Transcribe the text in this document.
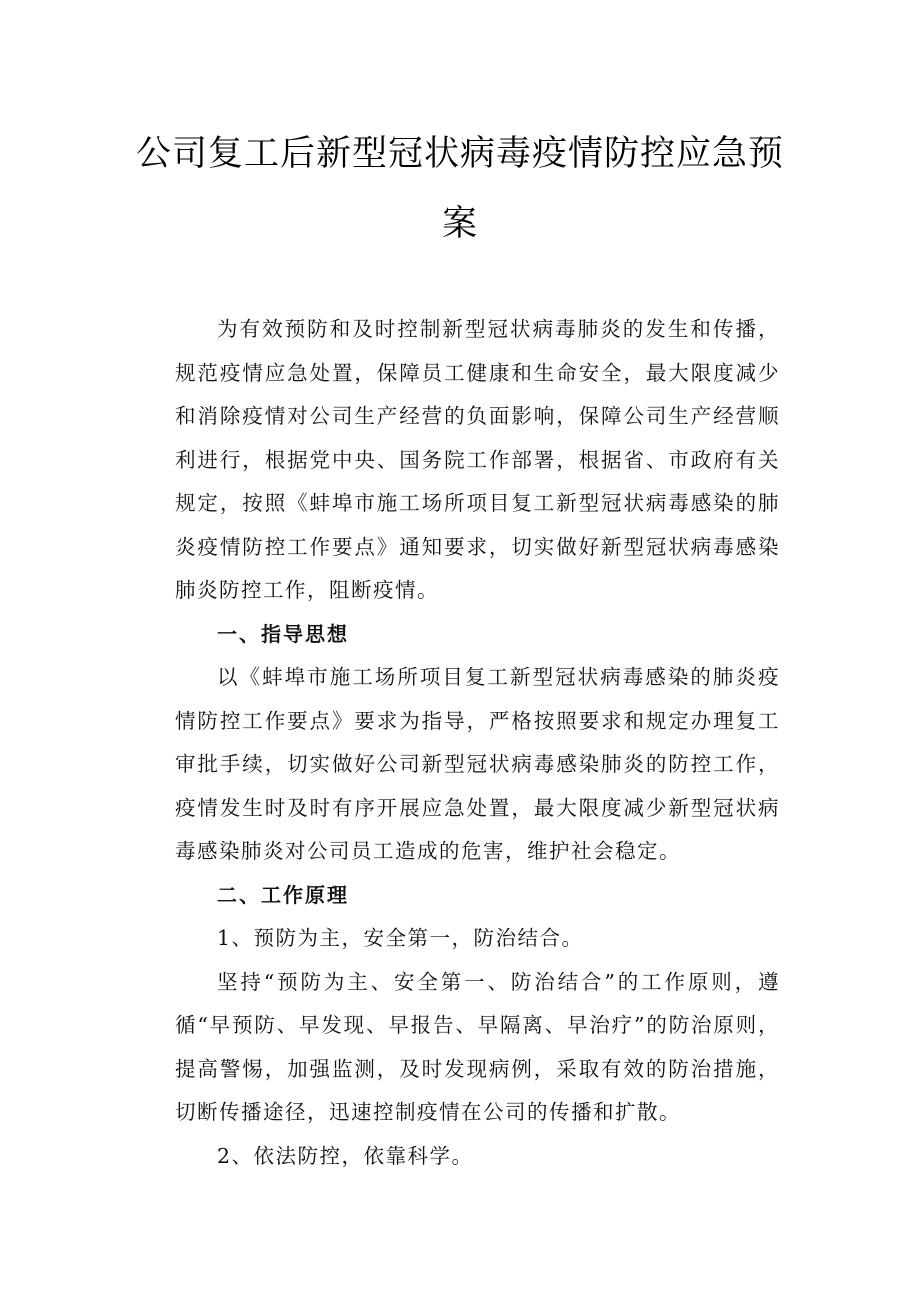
公司复工后新型冠状病毒疫情防控应急预
案

为有效预防和及时控制新型冠状病毒肺炎的发生和传播，规范疫情应急处置，保障员工健康和生命安全，最大限度减少和消除疫情对公司生产经营的负面影响，保障公司生产经营顺利进行，根据党中央、国务院工作部署，根据省、市政府有关规定，按照《蚌埠市施工场所项目复工新型冠状病毒感染的肺炎疫情防控工作要点》通知要求，切实做好新型冠状病毒感染肺炎防控工作，阻断疫情。

一、指导思想

以《蚌埠市施工场所项目复工新型冠状病毒感染的肺炎疫情防控工作要点》要求为指导，严格按照要求和规定办理复工审批手续，切实做好公司新型冠状病毒感染肺炎的防控工作，疫情发生时及时有序开展应急处置，最大限度减少新型冠状病毒感染肺炎对公司员工造成的危害，维护社会稳定。

二、工作原理

1、预防为主，安全第一，防治结合。

坚持“预防为主、安全第一、防治结合”的工作原则，遵循“早预防、早发现、早报告、早隔离、早治疗”的防治原则，提高警惕，加强监测，及时发现病例，采取有效的防治措施，切断传播途径，迅速控制疫情在公司的传播和扩散。

2、依法防控，依靠科学。
